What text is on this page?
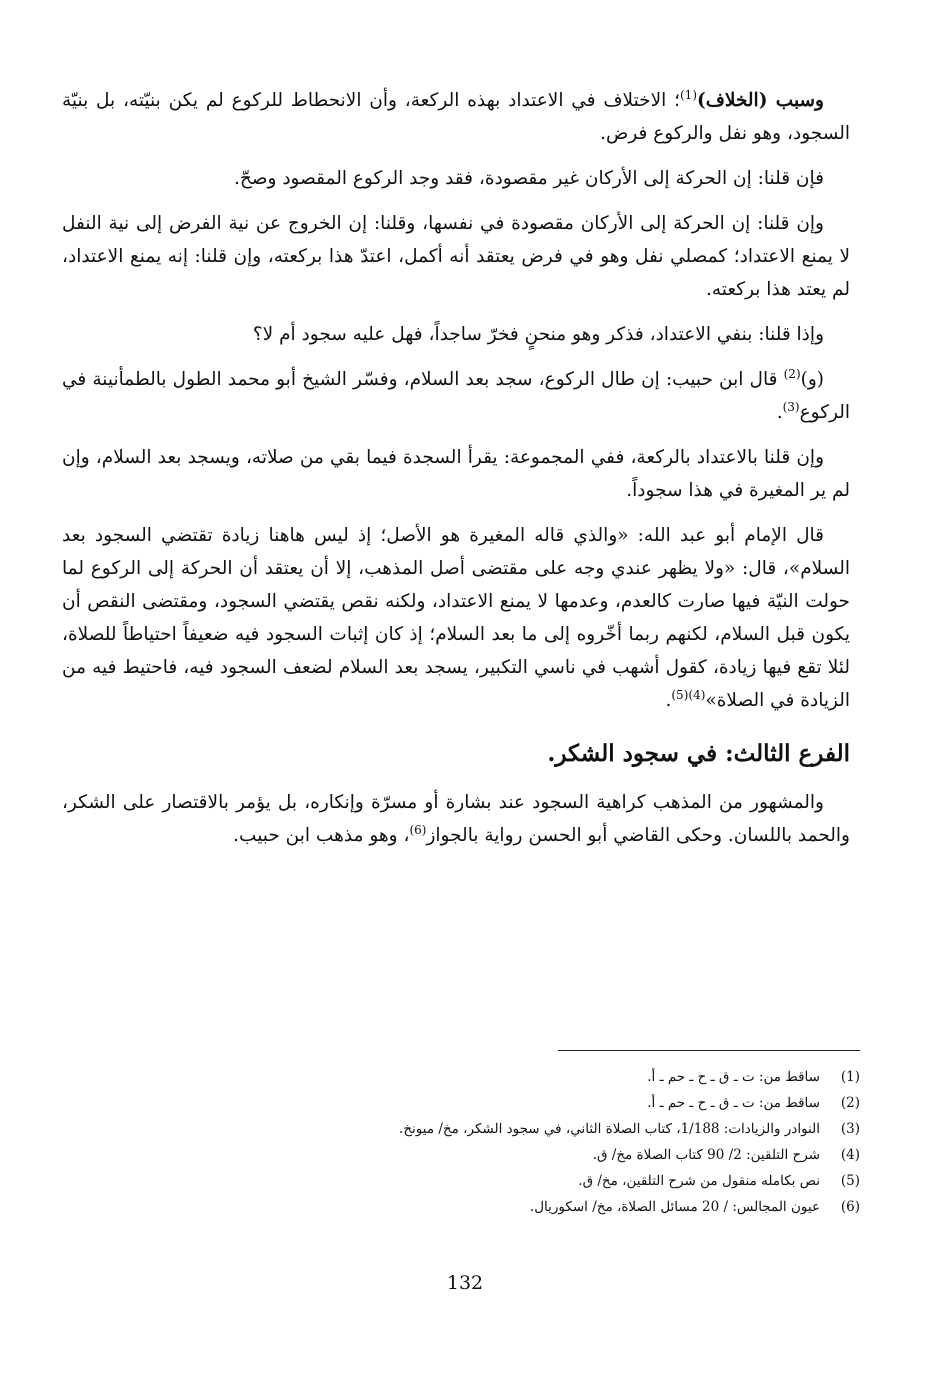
وسبب (الخلاف)$^{(1)}$؛ الاختلاف في الاعتداد بهذه الركعة، وأن الانحطاط للركوع لم يكن بنيّته، بل بنيّة السجود، وهو نفل والركوع فرض.

فإن قلنا: إن الحركة إلى الأركان غير مقصودة، فقد وجد الركوع المقصود وصحّ.

وإن قلنا: إن الحركة إلى الأركان مقصودة في نفسها، وقلنا: إن الخروج عن نية الفرض إلى نية النفل لا يمنع الاعتداد؛ كمصلي نفل وهو في فرض يعتقد أنه أكمل، اعتدّ هذا بركعته، وإن قلنا: إنه يمنع الاعتداد، لم يعتد هذا بركعته.

وإذا قلنا: بنفي الاعتداد، فذكر وهو منحنٍ فخرّ ساجداً، فهل عليه سجود أم لا؟

(و)$^{(2)}$ قال ابن حبيب: إن طال الركوع، سجد بعد السلام، وفسّر الشيخ أبو محمد الطول بالطمأنينة في الركوع$^{(3)}$.

وإن قلنا بالاعتداد بالركعة، ففي المجموعة: يقرأ السجدة فيما بقي من صلاته، ويسجد بعد السلام، وإن لم ير المغيرة في هذا سجوداً.

قال الإمام أبو عبد الله: «والذي قاله المغيرة هو الأصل؛ إذ ليس هاهنا زيادة تقتضي السجود بعد السلام»، قال: «ولا يظهر عندي وجه على مقتضى أصل المذهب، إلا أن يعتقد أن الحركة إلى الركوع لما حولت النيّة فيها صارت كالعدم، وعدمها لا يمنع الاعتداد، ولكنه نقص يقتضي السجود، ومقتضى النقص أن يكون قبل السلام، لكنهم ربما أخّروه إلى ما بعد السلام؛ إذ كان إثبات السجود فيه ضعيفاً احتياطاً للصلاة، لئلا تقع فيها زيادة، كقول أشهب في ناسي التكبير، يسجد بعد السلام لضعف السجود فيه، فاحتيط فيه من الزيادة في الصلاة»$^{(4)(5)}$.

الفرع الثالث: في سجود الشكر.

والمشهور من المذهب كراهية السجود عند بشارة أو مسرّة وإنكاره، بل يؤمر بالاقتصار على الشكر، والحمد باللسان. وحكى القاضي أبو الحسن رواية بالجواز$^{(6)}$، وهو مذهب ابن حبيب.

(1)
ساقط من: ت ـ ق ـ ح ـ حم ـ أ.
(2)
ساقط من: ت ـ ق ـ ح ـ حم ـ أ.
(3)
النوادر والزيادات: 1/188، كتاب الصلاة الثاني، في سجود الشكر، مخ/ ميونخ.
(4)
شرح التلقين: 2/ 90 كتاب الصلاة مخ/ ق.
(5)
نص بكامله منقول من شرح التلقين، مخ/ ق.
(6)
عيون المجالس: / 20 مسائل الصلاة، مخ/ اسكوريال.
132
